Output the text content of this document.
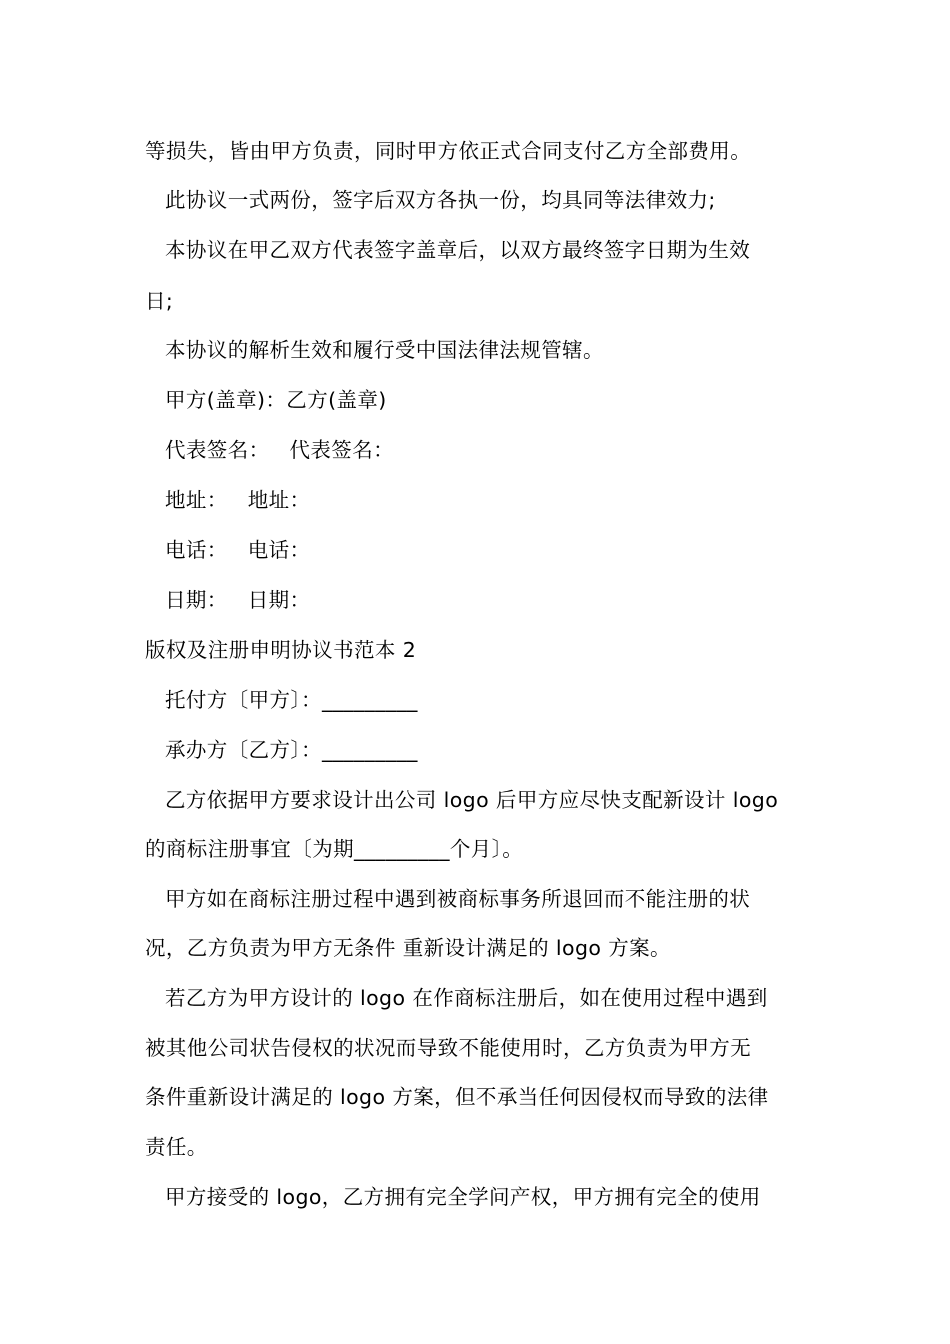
等损失，皆由甲方负责，同时甲方依正式合同支付乙方全部费用。
此协议一式两份，签字后双方各执一份，均具同等法律效力;
本协议在甲乙双方代表签字盖章后，以双方最终签字日期为生效
日;
本协议的解析生效和履行受中国法律法规管辖。
甲方(盖章)：乙方(盖章)
代表签名： 代表签名：
地址： 地址：
电话： 电话：
日期： 日期：
版权及注册申明协议书范本 2
托付方〔甲方〕：_________
承办方〔乙方〕：_________
乙方依据甲方要求设计出公司 logo 后甲方应尽快支配新设计 logo
的商标注册事宜〔为期_________个月〕。
甲方如在商标注册过程中遇到被商标事务所退回而不能注册的状
况，乙方负责为甲方无条件 重新设计满足的 logo 方案。
若乙方为甲方设计的 logo 在作商标注册后，如在使用过程中遇到
被其他公司状告侵权的状况而导致不能使用时，乙方负责为甲方无
条件重新设计满足的 logo 方案，但不承当任何因侵权而导致的法律
责任。
甲方接受的 logo，乙方拥有完全学问产权，甲方拥有完全的使用
